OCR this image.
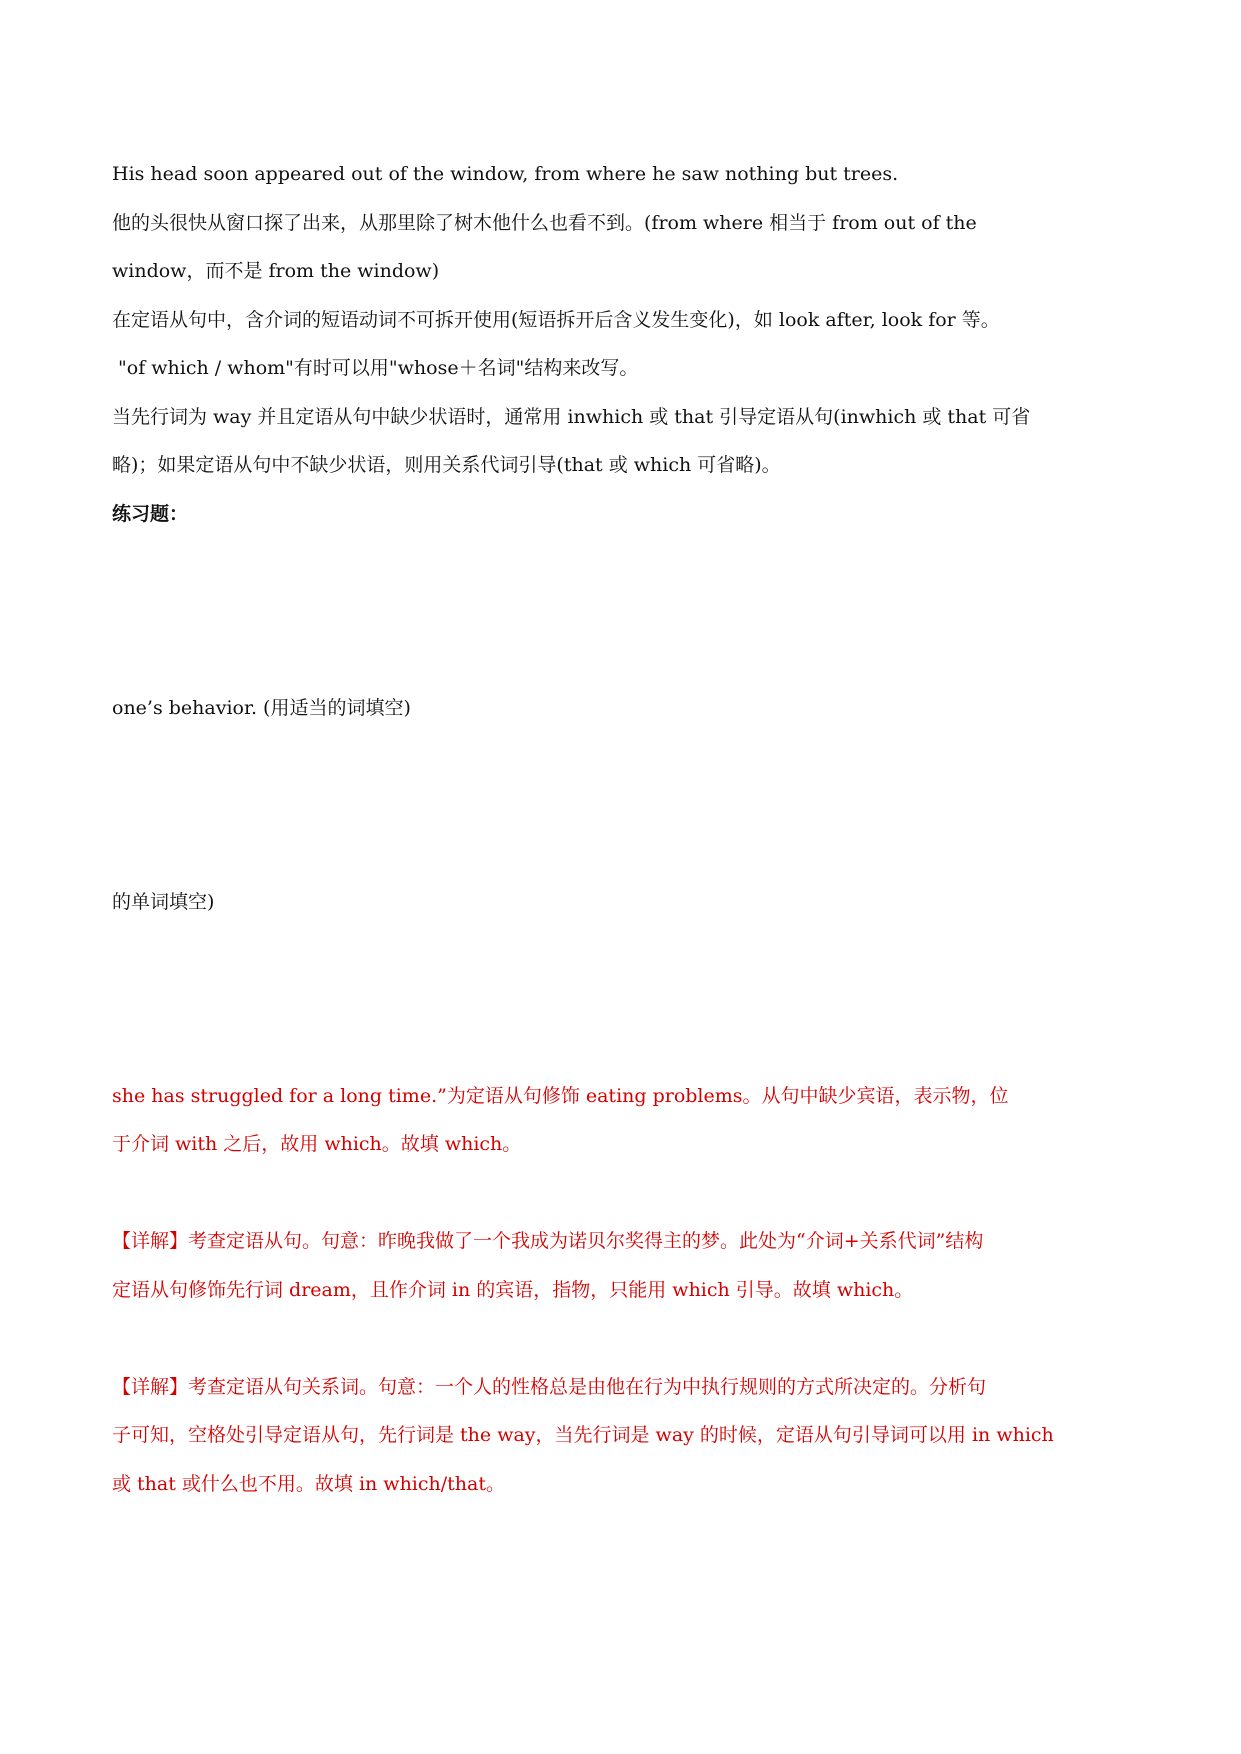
His head soon appeared out of the window, from where he saw nothing but trees.
他的头很快从窗口探了出来，从那里除了树木他什么也看不到。(from where 相当于 from out of the
window，而不是 from the window)
在定语从句中，含介词的短语动词不可拆开使用(短语拆开后含义发生变化)，如 look after, look for 等。
"of which / whom"有时可以用"whose＋名词"结构来改写。
当先行词为 way 并且定语从句中缺少状语时，通常用 inwhich 或 that 引导定语从句(inwhich 或 that 可省
略)；如果定语从句中不缺少状语，则用关系代词引导(that 或 which 可省略)。
练习题：

one’s behavior. (用适当的词填空)

的单词填空)

she has struggled for a long time.”为定语从句修饰 eating problems。从句中缺少宾语，表示物，位
于介词 with 之后，故用 which。故填 which。

【详解】考查定语从句。句意：昨晚我做了一个我成为诺贝尔奖得主的梦。此处为“介词+关系代词”结构
定语从句修饰先行词 dream，且作介词 in 的宾语，指物，只能用 which 引导。故填 which。

【详解】考查定语从句关系词。句意：一个人的性格总是由他在行为中执行规则的方式所决定的。分析句
子可知，空格处引导定语从句，先行词是 the way，当先行词是 way 的时候，定语从句引导词可以用 in which
或 that 或什么也不用。故填 in which/that。
